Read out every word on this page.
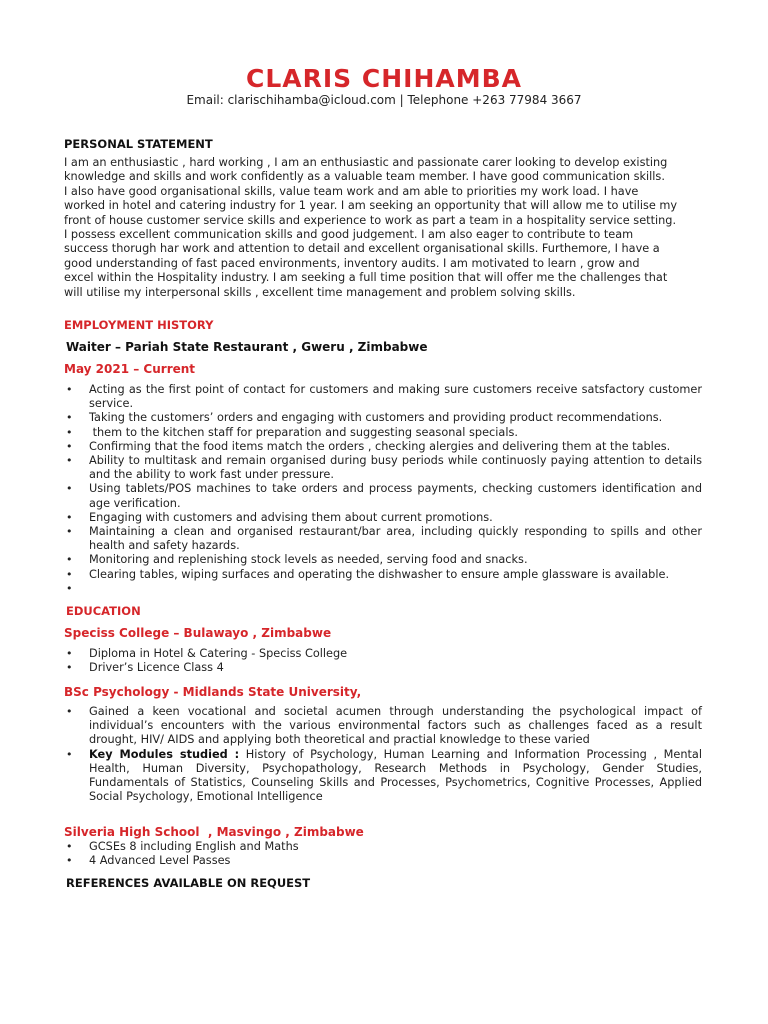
CLARIS CHIHAMBA
Email: clarischihamba@icloud.com | Telephone +263 77984 3667
PERSONAL STATEMENT
I am an enthusiastic , hard working , I am an enthusiastic and passionate carer looking to develop existing
knowledge and skills and work confidently as a valuable team member. I have good communication skills.
I also have good organisational skills, value team work and am able to priorities my work load. I have
worked in hotel and catering industry for 1 year. I am seeking an opportunity that will allow me to utilise my
front of house customer service skills and experience to work as part a team in a hospitality service setting.
I possess excellent communication skills and good judgement. I am also eager to contribute to team
success thorugh har work and attention to detail and excellent organisational skills. Furthemore, I have a
good understanding of fast paced environments, inventory audits. I am motivated to learn , grow and
excel within the Hospitality industry. I am seeking a full time position that will offer me the challenges that
will utilise my interpersonal skills , excellent time management and problem solving skills.
EMPLOYMENT HISTORY
Waiter – Pariah State Restaurant , Gweru , Zimbabwe
May 2021 – Current
• Acting as the first point of contact for customers and making sure customers receive satsfactory customer service.
• Taking the customers’ orders and engaging with customers and providing product recommendations.
• them to the kitchen staff for preparation and suggesting seasonal specials.
• Confirming that the food items match the orders , checking alergies and delivering them at the tables.
• Ability to multitask and remain organised during busy periods while continuosly paying attention to details and the ability to work fast under pressure.
• Using tablets/POS machines to take orders and process payments, checking customers identification and age verification.
• Engaging with customers and advising them about current promotions.
• Maintaining a clean and organised restaurant/bar area, including quickly responding to spills and other health and safety hazards.
• Monitoring and replenishing stock levels as needed, serving food and snacks.
• Clearing tables, wiping surfaces and operating the dishwasher to ensure ample glassware is available.
•
EDUCATION
Speciss College – Bulawayo , Zimbabwe
• Diploma in Hotel & Catering - Speciss College
• Driver’s Licence Class 4
BSc Psychology - Midlands State University,
• Gained a keen vocational and societal acumen through understanding the psychological impact of individual’s encounters with the various environmental factors such as challenges faced as a result drought, HIV/ AIDS and applying both theoretical and practial knowledge to these varied
• Key Modules studied : History of Psychology, Human Learning and Information Processing , Mental Health, Human Diversity, Psychopathology, Research Methods in Psychology, Gender Studies, Fundamentals of Statistics, Counseling Skills and Processes, Psychometrics, Cognitive Processes, Applied Social Psychology, Emotional Intelligence
Silveria High School  , Masvingo , Zimbabwe
• GCSEs 8 including English and Maths
• 4 Advanced Level Passes
REFERENCES AVAILABLE ON REQUEST
